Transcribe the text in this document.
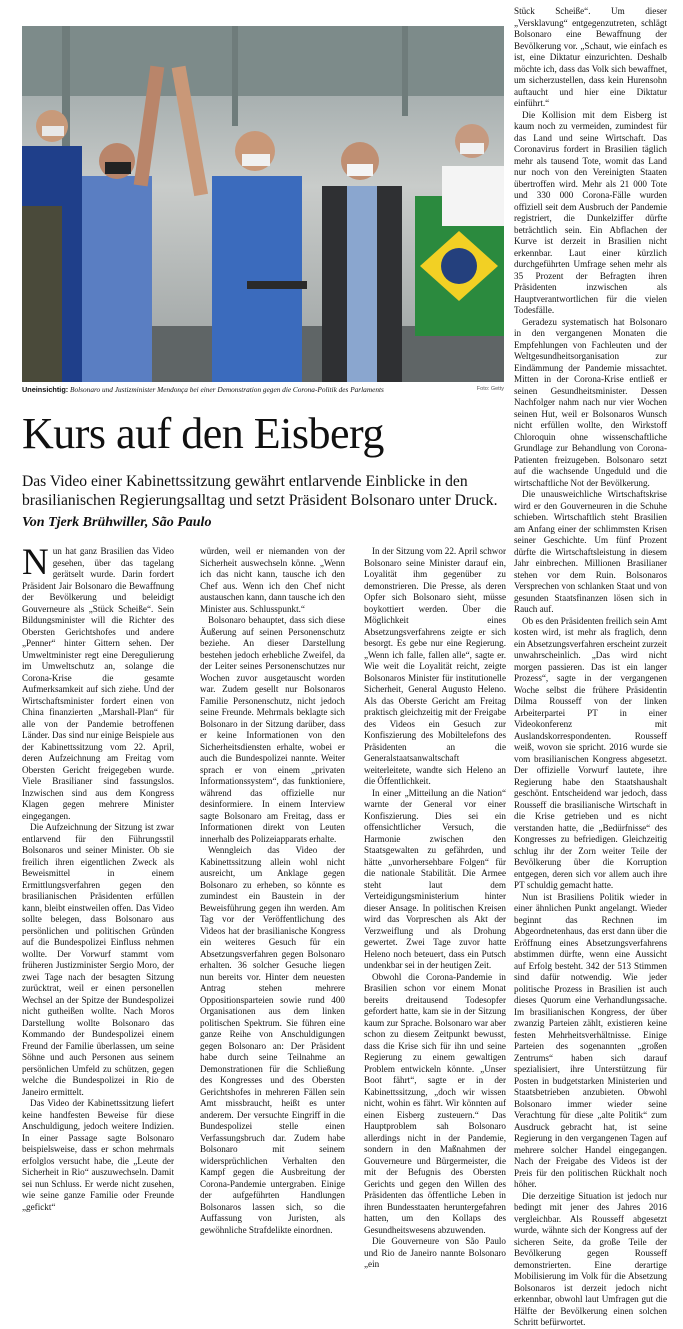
Uneinsichtig: Bolsonaro und Justizminister Mendonça bei einer Demonstration gegen die Corona-Politik des Parlaments	Foto: Getty
Kurs auf den Eisberg

Das Video einer Kabinettssitzung gewährt entlarvende Einblicke in den brasilianischen Regierungsalltag und setzt Präsident Bolsonaro unter Druck.

Von Tjerk Brühwiller, São Paulo

Nun hat ganz Brasilien das Video gesehen, über das tagelang gerätselt wurde. Darin fordert Präsident Jair Bolsonaro die Bewaffnung der Bevölkerung und beleidigt Gouverneure als „Stück Scheiße“. Sein Bildungsminister will die Richter des Obersten Gerichtshofes und andere „Penner“ hinter Gittern sehen. Der Umweltminister regt eine Deregulierung im Umweltschutz an, solange die Corona-Krise die gesamte Aufmerksamkeit auf sich ziehe. Und der Wirtschaftsminister fordert einen von China finanzierten „Marshall-Plan“ für alle von der Pandemie betroffenen Länder. Das sind nur einige Beispiele aus der Kabinettssitzung vom 22. April, deren Aufzeichnung am Freitag vom Obersten Gericht freigegeben wurde. Viele Brasilianer sind fassungslos. Inzwischen sind aus dem Kongress Klagen gegen mehrere Minister eingegangen.

Die Aufzeichnung der Sitzung ist zwar entlarvend für den Führungsstil Bolsonaros und seiner Minister. Ob sie freilich ihren eigentlichen Zweck als Beweismittel in einem Ermittlungsverfahren gegen den brasilianischen Präsidenten erfüllen kann, bleibt einstweilen offen. Das Video sollte belegen, dass Bolsonaro aus persönlichen und politischen Gründen auf die Bundespolizei Einfluss nehmen wollte. Der Vorwurf stammt vom früheren Justizminister Sergio Moro, der zwei Tage nach der besagten Sitzung zurücktrat, weil er einen personellen Wechsel an der Spitze der Bundespolizei nicht gutheißen wollte. Nach Moros Darstellung wollte Bolsonaro das Kommando der Bundespolizei einem Freund der Familie überlassen, um seine Söhne und auch Personen aus seinem persönlichen Umfeld zu schützen, gegen welche die Bundespolizei in Rio de Janeiro ermittelt.

Das Video der Kabinettssitzung liefert keine handfesten Beweise für diese Anschuldigung, jedoch weitere Indizien. In einer Passage sagte Bolsonaro beispielsweise, dass er schon mehrmals erfolglos versucht habe, die „Leute der Sicherheit in Rio“ auszuwechseln. Damit sei nun Schluss. Er werde nicht zusehen, wie seine ganze Familie oder Freunde „gefickt“

würden, weil er niemanden von der Sicherheit auswechseln könne. „Wenn ich das nicht kann, tausche ich den Chef aus. Wenn ich den Chef nicht austauschen kann, dann tausche ich den Minister aus. Schlusspunkt.“

Bolsonaro behauptet, dass sich diese Äußerung auf seinen Personenschutz beziehe. An dieser Darstellung bestehen jedoch erhebliche Zweifel, da der Leiter seines Personenschutzes nur Wochen zuvor ausgetauscht worden war. Zudem gesellt nur Bolsonaros Familie Personenschutz, nicht jedoch seine Freunde. Mehrmals beklagte sich Bolsonaro in der Sitzung darüber, dass er keine Informationen von den Sicherheitsdiensten erhalte, wobei er auch die Bundespolizei nannte. Weiter sprach er von einem „privaten Informationssystem“, das funktioniere, während das offizielle nur desinformiere. In einem Interview sagte Bolsonaro am Freitag, dass er Informationen direkt von Leuten innerhalb des Polizeiapparats erhalte.

Wenngleich das Video der Kabinettssitzung allein wohl nicht ausreicht, um Anklage gegen Bolsonaro zu erheben, so könnte es zumindest ein Baustein in der Beweisführung gegen ihn werden. Am Tag vor der Veröffentlichung des Videos hat der brasilianische Kongress ein weiteres Gesuch für ein Absetzungsverfahren gegen Bolsonaro erhalten. 36 solcher Gesuche liegen nun bereits vor. Hinter dem neuesten Antrag stehen mehrere Oppositionsparteien sowie rund 400 Organisationen aus dem linken politischen Spektrum. Sie führen eine ganze Reihe von Anschuldigungen gegen Bolsonaro an: Der Präsident habe durch seine Teilnahme an Demonstrationen für die Schließung des Kongresses und des Obersten Gerichtshofes in mehreren Fällen sein Amt missbraucht, heißt es unter anderem. Der versuchte Eingriff in die Bundespolizei stelle einen Verfassungsbruch dar. Zudem habe Bolsonaro mit seinem widersprüchlichen Verhalten den Kampf gegen die Ausbreitung der Corona-Pandemie untergraben. Einige der aufgeführten Handlungen Bolsonaros lassen sich, so die Auffassung von Juristen, als gewöhnliche Strafdelikte einordnen.

In der Sitzung vom 22. April schwor Bolsonaro seine Minister darauf ein, Loyalität ihm gegenüber zu demonstrieren. Die Presse, als deren Opfer sich Bolsonaro sieht, müsse boykottiert werden. Über die Möglichkeit eines Absetzungsverfahrens zeigte er sich besorgt. Es gebe nur eine Regierung. „Wenn ich falle, fallen alle“, sagte er. Wie weit die Loyalität reicht, zeigte Bolsonaros Minister für institutionelle Sicherheit, General Augusto Heleno. Als das Oberste Gericht am Freitag praktisch gleichzeitig mit der Freigabe des Videos ein Gesuch zur Konfiszierung des Mobiltelefons des Präsidenten an die Generalstaatsanwaltschaft weiterleitete, wandte sich Heleno an die Öffentlichkeit.

In einer „Mitteilung an die Nation“ warnte der General vor einer Konfiszierung. Dies sei ein offensichtlicher Versuch, die Harmonie zwischen den Staatsgewalten zu gefährden, und hätte „unvorhersehbare Folgen“ für die nationale Stabilität. Die Armee steht laut dem Verteidigungsministerium hinter dieser Ansage. In politischen Kreisen wird das Vorpreschen als Akt der Verzweiflung und als Drohung gewertet. Zwei Tage zuvor hatte Heleno noch beteuert, dass ein Putsch undenkbar sei in der heutigen Zeit.

Obwohl die Corona-Pandemie in Brasilien schon vor einem Monat bereits dreitausend Todesopfer gefordert hatte, kam sie in der Sitzung kaum zur Sprache. Bolsonaro war aber schon zu diesem Zeitpunkt bewusst, dass die Krise sich für ihn und seine Regierung zu einem gewaltigen Problem entwickeln könnte. „Unser Boot fährt“, sagte er in der Kabinettssitzung, „doch wir wissen nicht, wohin es fährt. Wir könnten auf einen Eisberg zusteuern.“ Das Hauptproblem sah Bolsonaro allerdings nicht in der Pandemie, sondern in den Maßnahmen der Gouverneure und Bürgermeister, die mit der Befugnis des Obersten Gerichts und gegen den Willen des Präsidenten das öffentliche Leben in ihren Bundesstaaten heruntergefahren hatten, um den Kollaps des Gesundheitswesens abzuwenden.

Die Gouverneure von São Paulo und Rio de Janeiro nannte Bolsonaro „ein

Stück Scheiße“. Um dieser „Versklavung“ entgegenzutreten, schlägt Bolsonaro eine Bewaffnung der Bevölkerung vor. „Schaut, wie einfach es ist, eine Diktatur einzurichten. Deshalb möchte ich, dass das Volk sich bewaffnet, um sicherzustellen, dass kein Hurensohn auftaucht und hier eine Diktatur einführt.“

Die Kollision mit dem Eisberg ist kaum noch zu vermeiden, zumindest für das Land und seine Wirtschaft. Das Coronavirus fordert in Brasilien täglich mehr als tausend Tote, womit das Land nur noch von den Vereinigten Staaten übertroffen wird. Mehr als 21 000 Tote und 330 000 Corona-Fälle wurden offiziell seit dem Ausbruch der Pandemie registriert, die Dunkelziffer dürfte beträchtlich sein. Ein Abflachen der Kurve ist derzeit in Brasilien nicht erkennbar. Laut einer kürzlich durchgeführten Umfrage sehen mehr als 35 Prozent der Befragten ihren Präsidenten inzwischen als Hauptverantwortlichen für die vielen Todesfälle.

Geradezu systematisch hat Bolsonaro in den vergangenen Monaten die Empfehlungen von Fachleuten und der Weltgesundheitsorganisation zur Eindämmung der Pandemie missachtet. Mitten in der Corona-Krise entließ er seinen Gesundheitsminister. Dessen Nachfolger nahm nach nur vier Wochen seinen Hut, weil er Bolsonaros Wunsch nicht erfüllen wollte, den Wirkstoff Chloroquin ohne wissenschaftliche Grundlage zur Behandlung von Corona-Patienten freizugeben. Bolsonaro setzt auf die wachsende Ungeduld und die wirtschaftliche Not der Bevölkerung.

Die unausweichliche Wirtschaftskrise wird er den Gouverneuren in die Schuhe schieben. Wirtschaftlich steht Brasilien am Anfang einer der schlimmsten Krisen seiner Geschichte. Um fünf Prozent dürfte die Wirtschaftsleistung in diesem Jahr einbrechen. Millionen Brasilianer stehen vor dem Ruin. Bolsonaros Versprechen von schlanken Staat und von gesunden Staatsfinanzen lösen sich in Rauch auf.

Ob es den Präsidenten freilich sein Amt kosten wird, ist mehr als fraglich, denn ein Absetzungsverfahren erscheint zurzeit unwahrscheinlich. „Das wird nicht morgen passieren. Das ist ein langer Prozess“, sagte in der vergangenen Woche selbst die frühere Präsidentin Dilma Rousseff von der linken Arbeiterpartei PT in einer Videokonferenz mit Auslandskorrespondenten. Rousseff weiß, wovon sie spricht. 2016 wurde sie vom brasilianischen Kongress abgesetzt. Der offizielle Vorwurf lautete, ihre Regierung habe den Staatshaushalt geschönt. Entscheidend war jedoch, dass Rousseff die brasilianische Wirtschaft in die Krise getrieben und es nicht verstanden hatte, die „Bedürfnisse“ des Kongresses zu befriedigen. Gleichzeitig schlug ihr der Zorn weiter Teile der Bevölkerung über die Korruption entgegen, deren sich vor allem auch ihre PT schuldig gemacht hatte.

Nun ist Brasiliens Politik wieder in einer ähnlichen Punkt angelangt. Wieder beginnt das Rechnen im Abgeordnetenhaus, das erst dann über die Eröffnung eines Absetzungsverfahrens abstimmen dürfte, wenn eine Aussicht auf Erfolg besteht. 342 der 513 Stimmen sind dafür notwendig. Wie jeder politische Prozess in Brasilien ist auch dieses Quorum eine Verhandlungssache. Im brasilianischen Kongress, der über zwanzig Parteien zählt, existieren keine festen Mehrheitsverhältnisse. Einige Parteien des sogenannten „großen Zentrums“ haben sich darauf spezialisiert, ihre Unterstützung für Posten in budgetstarken Ministerien und Staatsbetrieben anzubieten. Obwohl Bolsonaro immer wieder seine Verachtung für diese „alte Politik“ zum Ausdruck gebracht hat, ist seine Regierung in den vergangenen Tagen auf mehrere solcher Handel eingegangen. Nach der Freigabe des Videos ist der Preis für den politischen Rückhalt noch höher.

Die derzeitige Situation ist jedoch nur bedingt mit jener des Jahres 2016 vergleichbar. Als Rousseff abgesetzt wurde, wähnte sich der Kongress auf der sicheren Seite, da große Teile der Bevölkerung gegen Rousseff demonstrierten. Eine derartige Mobilisierung im Volk für die Absetzung Bolsonaros ist derzeit jedoch nicht erkennbar, obwohl laut Umfragen gut die Hälfte der Bevölkerung einen solchen Schritt befürwortet.
